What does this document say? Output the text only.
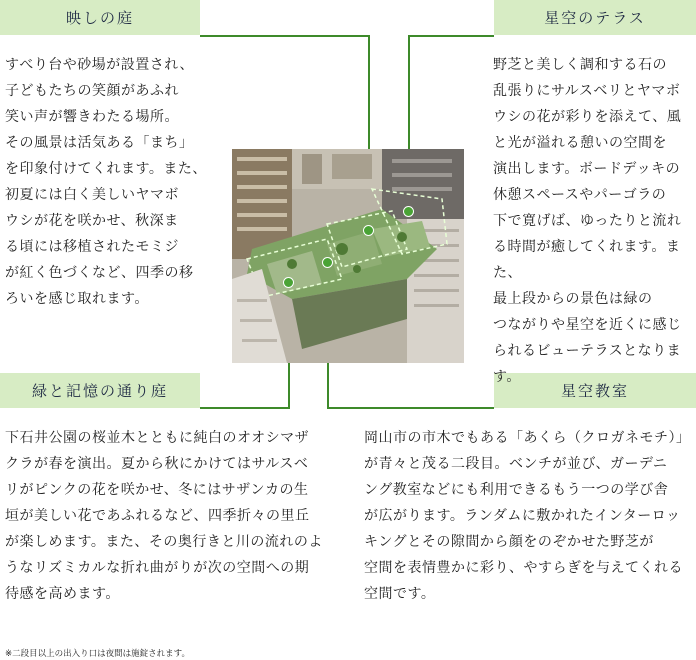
映しの庭	星空のテラス
緑と記憶の通り庭	星空教室
すべり台や砂場が設置され、
子どもたちの笑顔があふれ
笑い声が響きわたる場所。
その風景は活気ある「まち」
を印象付けてくれます。また、
初夏には白く美しいヤマボ
ウシが花を咲かせ、秋深ま
る頃には移植されたモミジ
が紅く色づくなど、四季の移
ろいを感じ取れます。
野芝と美しく調和する石の
乱張りにサルスベリとヤマボ
ウシの花が彩りを添えて、風
と光が溢れる憩いの空間を
演出します。ボードデッキの
休憩スペースやパーゴラの
下で寛げば、ゆったりと流れ
る時間が癒してくれます。また、
最上段からの景色は緑の
つながりや星空を近くに感じ
られるビューテラスとなります。
下石井公園の桜並木とともに純白のオオシマザ
クラが春を演出。夏から秋にかけてはサルスベ
リがピンクの花を咲かせ、冬にはサザンカの生
垣が美しい花であふれるなど、四季折々の里丘
が楽しめます。また、その奥行きと川の流れのよ
うなリズミカルな折れ曲がりが次の空間への期
待感を高めます。
岡山市の市木でもある「あくら（クロガネモチ）」
が青々と茂る二段目。ベンチが並び、ガーデニ
ング教室などにも利用できるもう一つの学び舎
が広がります。ランダムに敷かれたインターロッ
キングとその隙間から顔をのぞかせた野芝が
空間を表情豊かに彩り、やすらぎを与えてくれる
空間です。
※二段目以上の出入り口は夜間は施錠されます。
